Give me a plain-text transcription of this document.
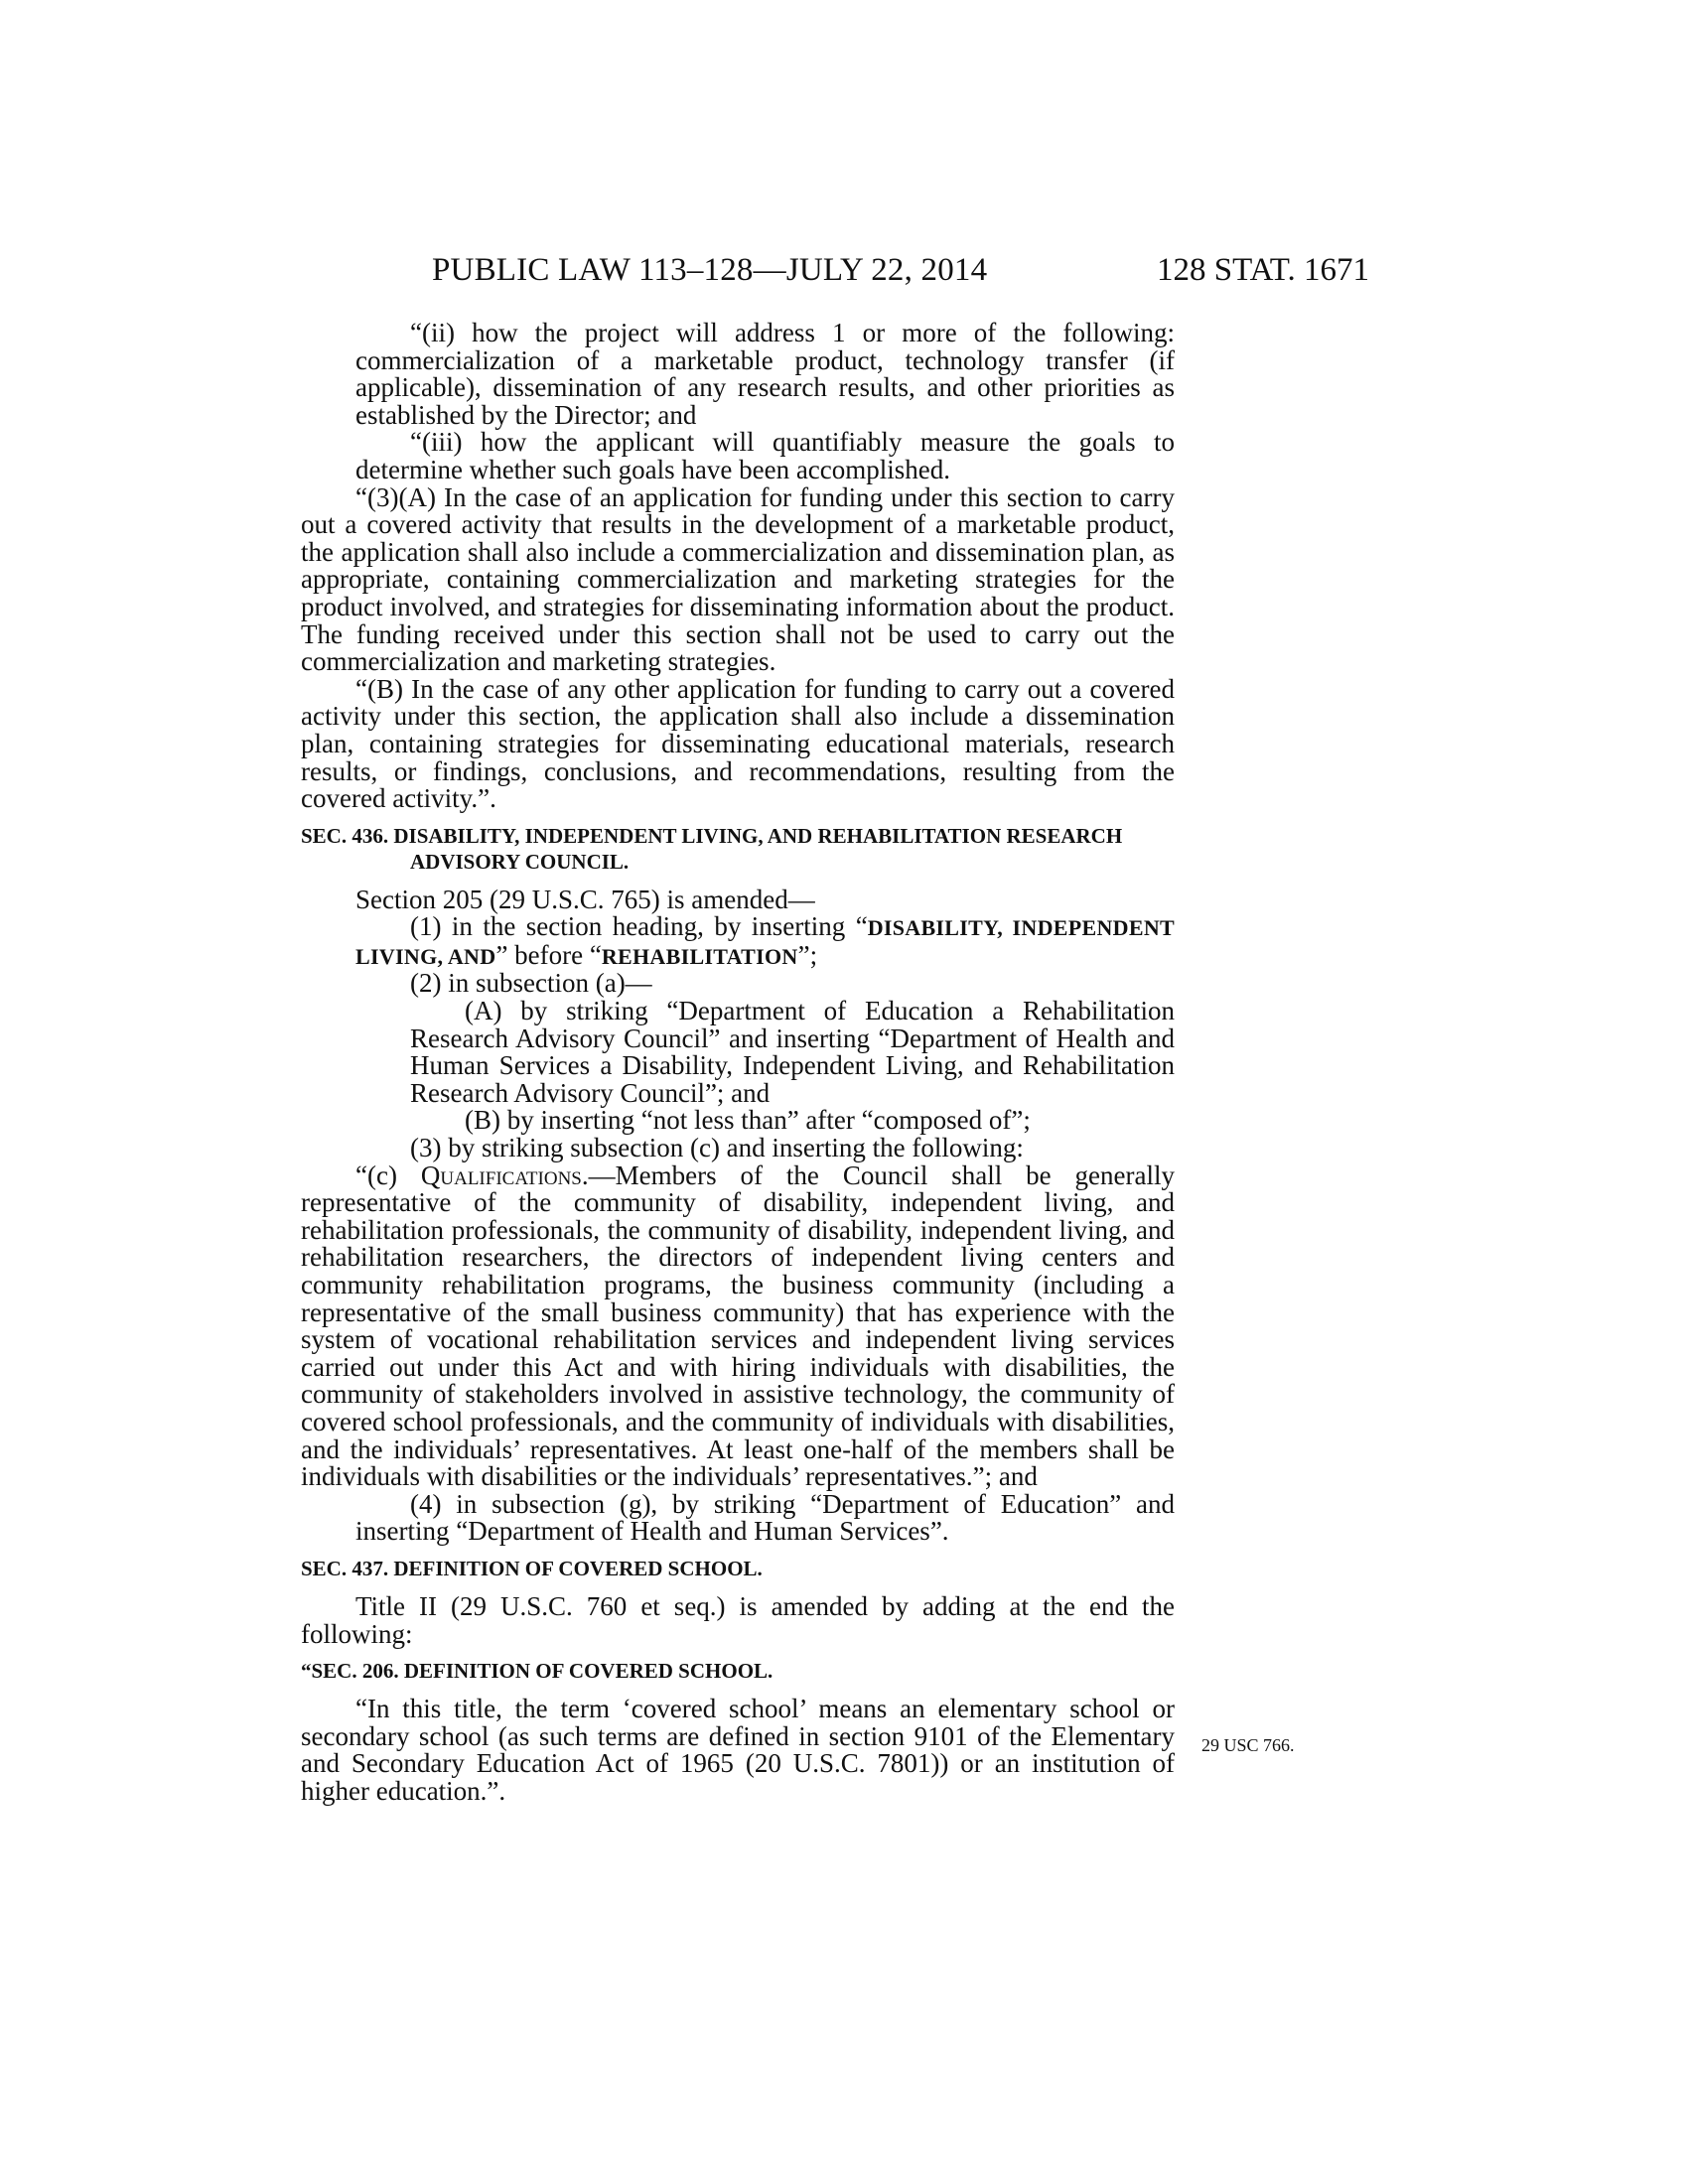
PUBLIC LAW 113–128—JULY 22, 2014	128 STAT. 1671

“(ii) how the project will address 1 or more of the following: commercialization of a marketable product, technology transfer (if applicable), dissemination of any research results, and other priorities as established by the Director; and

“(iii) how the applicant will quantifiably measure the goals to determine whether such goals have been accomplished.

“(3)(A) In the case of an application for funding under this section to carry out a covered activity that results in the development of a marketable product, the application shall also include a commercialization and dissemination plan, as appropriate, containing commercialization and marketing strategies for the product involved, and strategies for disseminating information about the product. The funding received under this section shall not be used to carry out the commercialization and marketing strategies.

“(B) In the case of any other application for funding to carry out a covered activity under this section, the application shall also include a dissemination plan, containing strategies for disseminating educational materials, research results, or findings, conclusions, and recommendations, resulting from the covered activity.”.

SEC. 436. DISABILITY, INDEPENDENT LIVING, AND REHABILITATION RESEARCH ADVISORY COUNCIL.

Section 205 (29 U.S.C. 765) is amended—

(1) in the section heading, by inserting “DISABILITY, INDEPENDENT LIVING, AND” before “REHABILITATION”;

(2) in subsection (a)—

(A) by striking “Department of Education a Rehabilitation Research Advisory Council” and inserting “Department of Health and Human Services a Disability, Independent Living, and Rehabilitation Research Advisory Council”; and

(B) by inserting “not less than” after “composed of”;

(3) by striking subsection (c) and inserting the following:

“(c) Qualifications.—Members of the Council shall be generally representative of the community of disability, independent living, and rehabilitation professionals, the community of disability, independent living, and rehabilitation researchers, the directors of independent living centers and community rehabilitation programs, the business community (including a representative of the small business community) that has experience with the system of vocational rehabilitation services and independent living services carried out under this Act and with hiring individuals with disabilities, the community of stakeholders involved in assistive technology, the community of covered school professionals, and the community of individuals with disabilities, and the individuals’ representatives. At least one-half of the members shall be individuals with disabilities or the individuals’ representatives.”; and

(4) in subsection (g), by striking “Department of Education” and inserting “Department of Health and Human Services”.

SEC. 437. DEFINITION OF COVERED SCHOOL.

Title II (29 U.S.C. 760 et seq.) is amended by adding at the end the following:

“SEC. 206. DEFINITION OF COVERED SCHOOL.

“In this title, the term ‘covered school’ means an elementary school or secondary school (as such terms are defined in section 9101 of the Elementary and Secondary Education Act of 1965 (20 U.S.C. 7801)) or an institution of higher education.”.

29 USC 766.
